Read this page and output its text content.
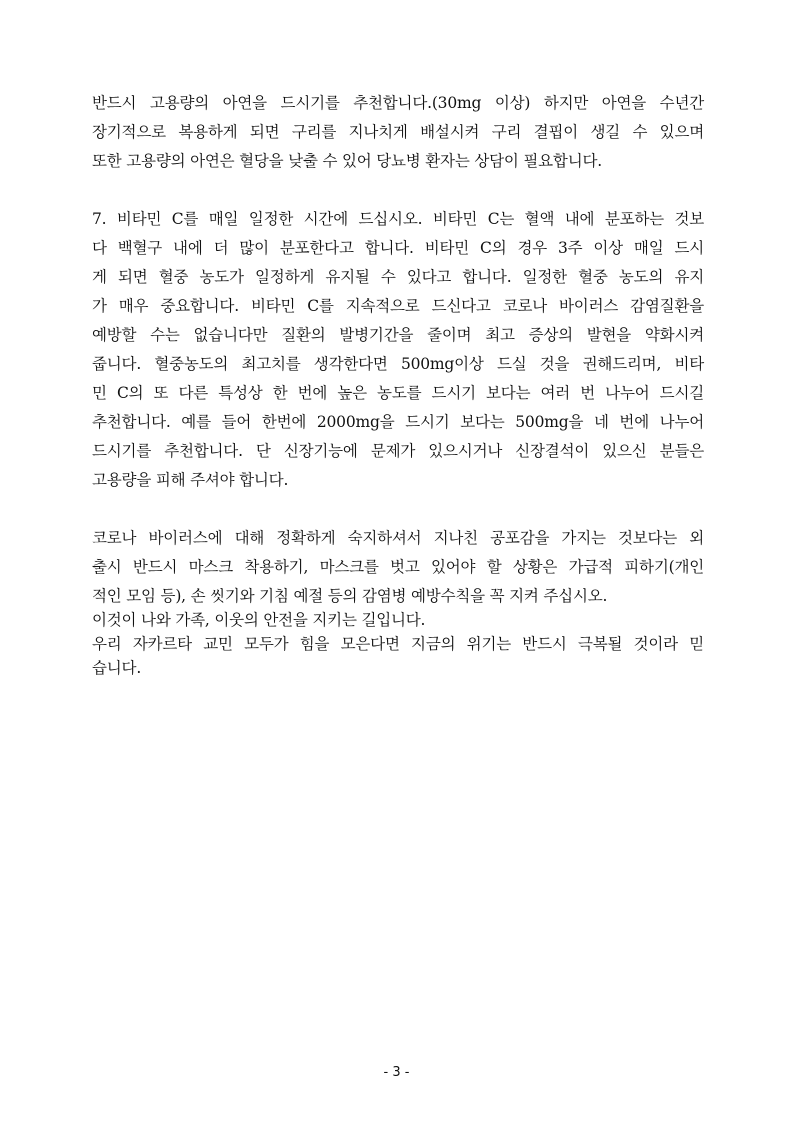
반드시 고용량의 아연을 드시기를 추천합니다.(30mg 이상) 하지만 아연을 수년간
장기적으로 복용하게 되면 구리를 지나치게 배설시켜 구리 결핍이 생길 수 있으며
또한 고용량의 아연은 혈당을 낮출 수 있어 당뇨병 환자는 상담이 필요합니다.
7. 비타민 C를 매일 일정한 시간에 드십시오. 비타민 C는 혈액 내에 분포하는 것보
다 백혈구 내에 더 많이 분포한다고 합니다. 비타민 C의 경우 3주 이상 매일 드시
게 되면 혈중 농도가 일정하게 유지될 수 있다고 합니다. 일정한 혈중 농도의 유지
가 매우 중요합니다. 비타민 C를 지속적으로 드신다고 코로나 바이러스 감염질환을
예방할 수는 없습니다만 질환의 발병기간을 줄이며 최고 증상의 발현을 약화시켜
줍니다. 혈중농도의 최고치를 생각한다면 500mg이상 드실 것을 권해드리며, 비타
민 C의 또 다른 특성상 한 번에 높은 농도를 드시기 보다는 여러 번 나누어 드시길
추천합니다. 예를 들어 한번에 2000mg을 드시기 보다는 500mg을 네 번에 나누어
드시기를 추천합니다. 단 신장기능에 문제가 있으시거나 신장결석이 있으신 분들은
고용량을 피해 주셔야 합니다.
코로나 바이러스에 대해 정확하게 숙지하셔서 지나친 공포감을 가지는 것보다는 외
출시 반드시 마스크 착용하기, 마스크를 벗고 있어야 할 상황은 가급적 피하기(개인
적인 모임 등), 손 씻기와 기침 예절 등의 감염병 예방수칙을 꼭 지켜 주십시오.
이것이 나와 가족, 이웃의 안전을 지키는 길입니다.
우리 자카르타 교민 모두가 힘을 모은다면 지금의 위기는 반드시 극복될 것이라 믿
습니다.
- 3 -
